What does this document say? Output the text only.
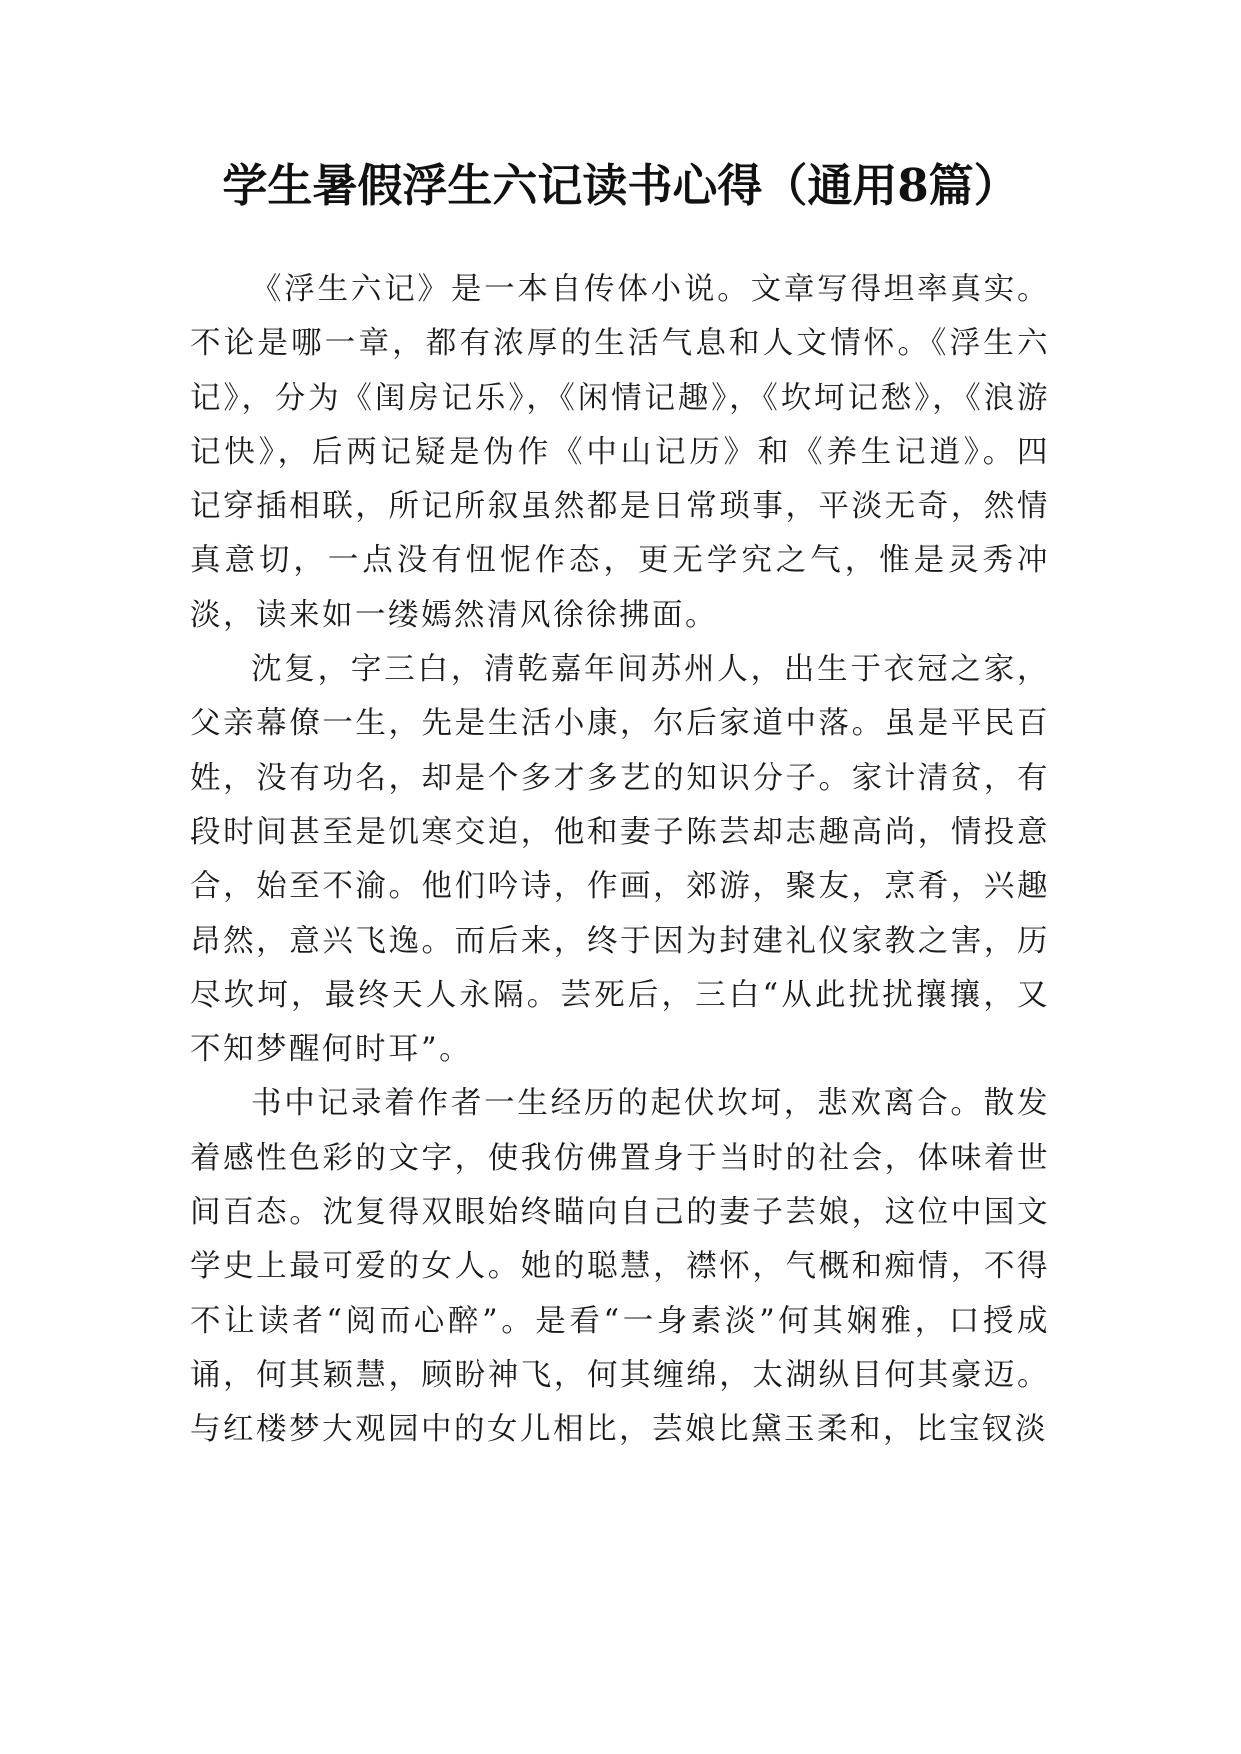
学生暑假浮生六记读书心得（通用8篇）

《浮生六记》是一本自传体小说。文章写得坦率真实。不论是哪一章，都有浓厚的生活气息和人文情怀。《浮生六记》，分为《闺房记乐》，《闲情记趣》，《坎坷记愁》，《浪游记快》，后两记疑是伪作《中山记历》和《养生记逍》。四记穿插相联，所记所叙虽然都是日常琐事，平淡无奇，然情真意切，一点没有忸怩作态，更无学究之气，惟是灵秀冲淡，读来如一缕嫣然清风徐徐拂面。

沈复，字三白，清乾嘉年间苏州人，出生于衣冠之家，父亲幕僚一生，先是生活小康，尔后家道中落。虽是平民百姓，没有功名，却是个多才多艺的知识分子。家计清贫，有段时间甚至是饥寒交迫，他和妻子陈芸却志趣高尚，情投意合，始至不渝。他们吟诗，作画，郊游，聚友，烹肴，兴趣昂然，意兴飞逸。而后来，终于因为封建礼仪家教之害，历尽坎坷，最终天人永隔。芸死后，三白“从此扰扰攘攘，又不知梦醒何时耳”。

书中记录着作者一生经历的起伏坎坷，悲欢离合。散发着感性色彩的文字，使我仿佛置身于当时的社会，体味着世间百态。沈复得双眼始终瞄向自己的妻子芸娘，这位中国文学史上最可爱的女人。她的聪慧，襟怀，气概和痴情，不得不让读者“阅而心醉”。是看“一身素淡”何其娴雅，口授成诵，何其颖慧，顾盼神飞，何其缠绵，太湖纵目何其豪迈。与红楼梦大观园中的女儿相比，芸娘比黛玉柔和，比宝钗淡
